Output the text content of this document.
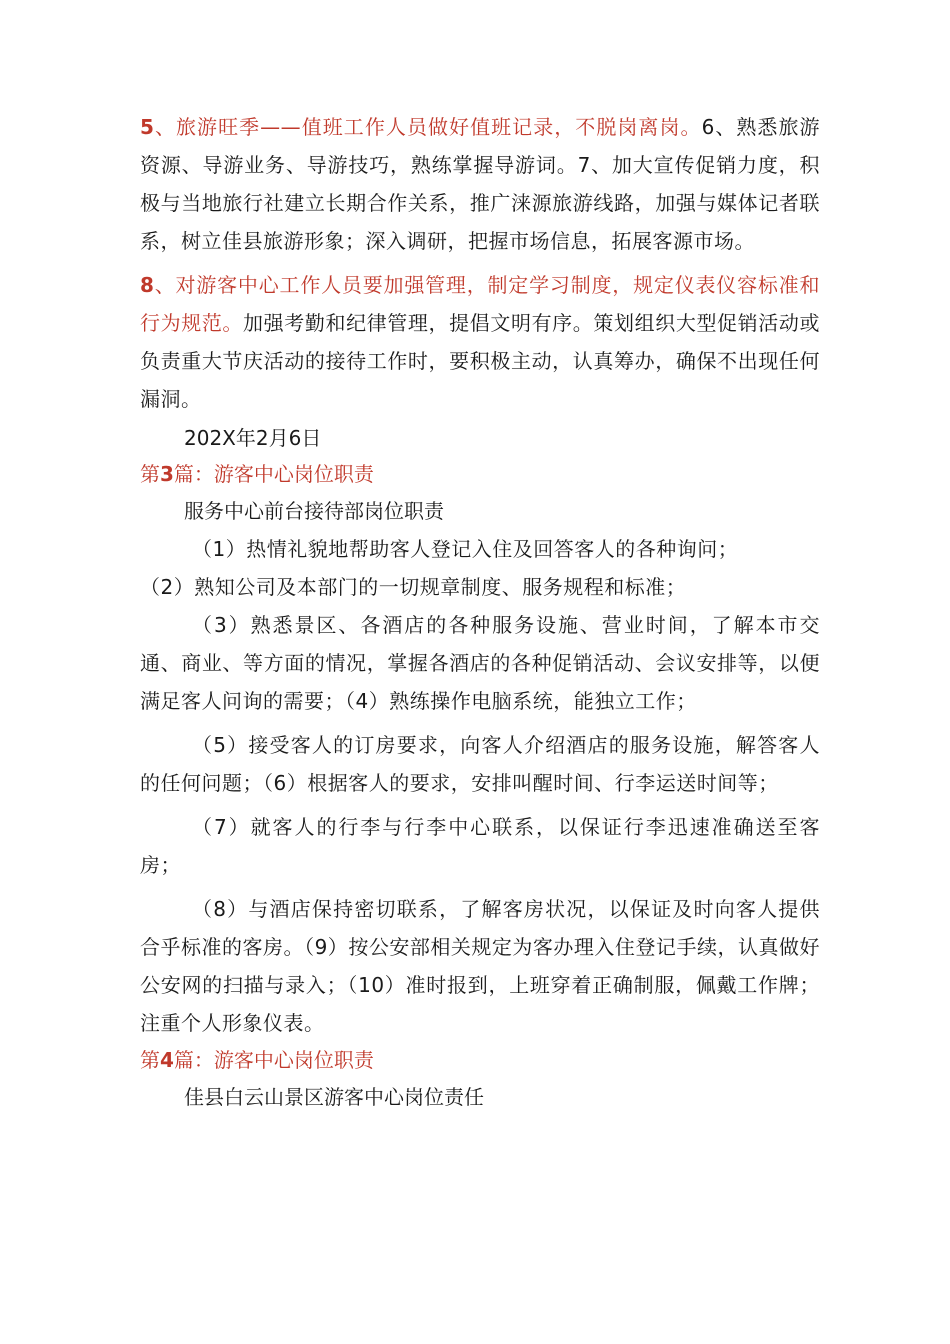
5、旅游旺季——值班工作人员做好值班记录，不脱岗离岗。6、熟悉旅游资源、导游业务、导游技巧，熟练掌握导游词。7、加大宣传促销力度，积极与当地旅行社建立长期合作关系，推广涞源旅游线路，加强与媒体记者联系，树立佳县旅游形象；深入调研，把握市场信息，拓展客源市场。

8、对游客中心工作人员要加强管理，制定学习制度，规定仪表仪容标准和行为规范。加强考勤和纪律管理，提倡文明有序。策划组织大型促销活动或负责重大节庆活动的接待工作时，要积极主动，认真筹办，确保不出现任何漏洞。

202X年2月6日

第3篇：游客中心岗位职责

服务中心前台接待部岗位职责

（1）热情礼貌地帮助客人登记入住及回答客人的各种询问；

（2）熟知公司及本部门的一切规章制度、服务规程和标准；

（3）熟悉景区、各酒店的各种服务设施、营业时间，了解本市交通、商业、等方面的情况，掌握各酒店的各种促销活动、会议安排等，以便满足客人问询的需要；（4）熟练操作电脑系统，能独立工作；

（5）接受客人的订房要求，向客人介绍酒店的服务设施，解答客人的任何问题；（6）根据客人的要求，安排叫醒时间、行李运送时间等；

（7）就客人的行李与行李中心联系，以保证行李迅速准确送至客房；

（8）与酒店保持密切联系，了解客房状况，以保证及时向客人提供合乎标准的客房。（9）按公安部相关规定为客办理入住登记手续，认真做好公安网的扫描与录入；（10）准时报到，上班穿着正确制服，佩戴工作牌；注重个人形象仪表。

第4篇：游客中心岗位职责

佳县白云山景区游客中心岗位责任
